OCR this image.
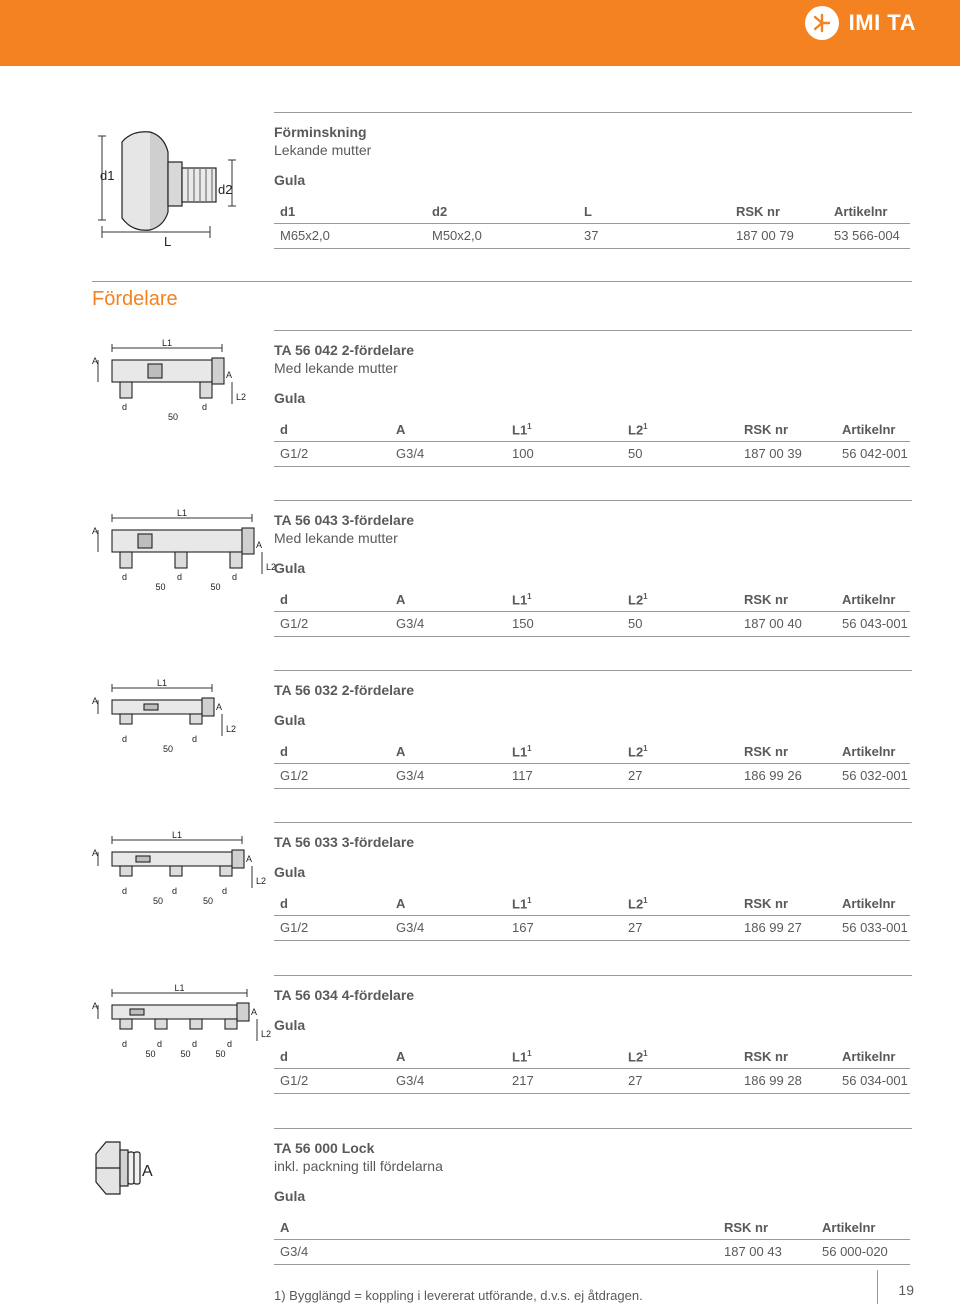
IMI TA
d1
d2
L
Förminskning
Lekande mutter
Gula
d1	d2	L	RSK nr	Artikelnr
M65x2,0	M50x2,0	37	187 00 79	53 566-004
Fördelare
L1
A
A
L2
d
50
d
TA 56 042 2-fördelare
Med lekande mutter
Gula
d	A	$L1^1$	$L2^1$	RSK nr	Artikelnr
G1/2	G3/4	100	50	187 00 39	56 042-001
L1
A
A
L2
d
50
d
50
d
TA 56 043 3-fördelare
Med lekande mutter
Gula
d	A	$L1^1$	$L2^1$	RSK nr	Artikelnr
G1/2	G3/4	150	50	187 00 40	56 043-001
L1
A
A
L2
d
50
d
TA 56 032 2-fördelare
Gula
d	A	$L1^1$	$L2^1$	RSK nr	Artikelnr
G1/2	G3/4	117	27	186 99 26	56 032-001
L1
A
A
L2
d
50
d
50
d
TA 56 033 3-fördelare
Gula
d	A	$L1^1$	$L2^1$	RSK nr	Artikelnr
G1/2	G3/4	167	27	186 99 27	56 033-001
L1
A
A
L2
d
50
d
50
d
50
d
TA 56 034 4-fördelare
Gula
d	A	$L1^1$	$L2^1$	RSK nr	Artikelnr
G1/2	G3/4	217	27	186 99 28	56 034-001
A
TA 56 000 Lock
inkl. packning till fördelarna
Gula
A	RSK nr	Artikelnr
G3/4	187 00 43	56 000-020
1) Bygglängd = koppling i levererat utförande, d.v.s. ej åtdragen.	19
